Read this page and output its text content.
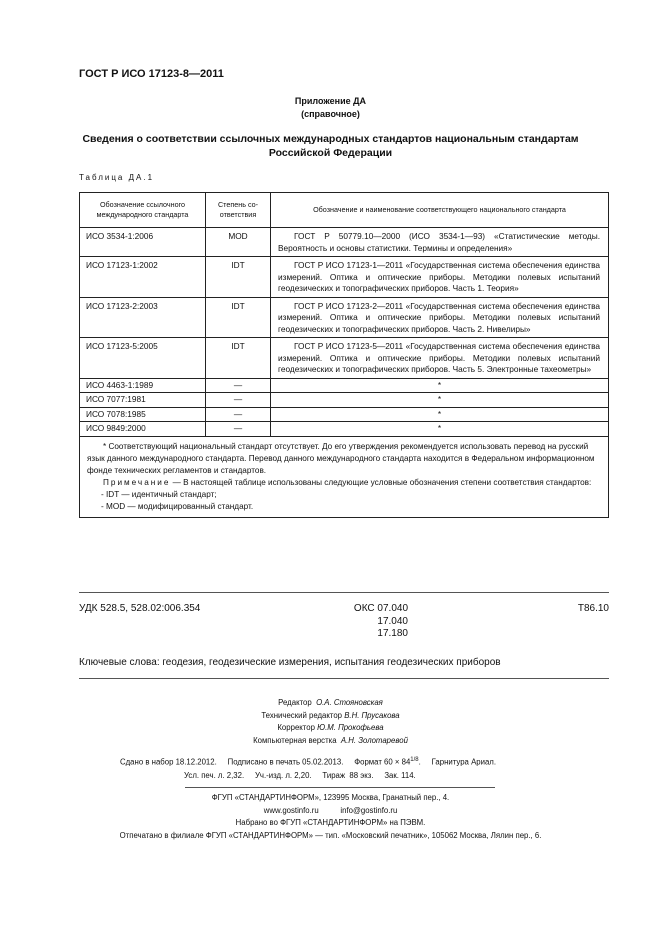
ГОСТ Р ИСО 17123-8—2011
Приложение ДА
(справочное)
Сведения о соответствии ссылочных международных стандартов национальным стандартам
Российской Федерации
Таблица ДА.1
Обозначение ссылочного международного стандарта	Степень со-ответствия	Обозначение и наименование соответствующего национального стандарта
ИСО 3534-1:2006	MOD	ГОСТ Р 50779.10—2000 (ИСО 3534-1—93) «Статистические методы. Вероятность и основы статистики. Термины и определения»
ИСО 17123-1:2002	IDT	ГОСТ Р ИСО 17123-1—2011 «Государственная система обеспечения единства измерений. Оптика и оптические приборы. Методики полевых испытаний геодезических и топографических приборов. Часть 1. Теория»
ИСО 17123-2:2003	IDT	ГОСТ Р ИСО 17123-2—2011 «Государственная система обеспечения единства измерений. Оптика и оптические приборы. Методики полевых испытаний геодезических и топографических приборов. Часть 2. Нивелиры»
ИСО 17123-5:2005	IDT	ГОСТ Р ИСО 17123-5—2011 «Государственная система обеспечения единства измерений. Оптика и оптические приборы. Методики полевых испытаний геодезических и топографических приборов. Часть 5. Электронные тахеометры»
ИСО 4463-1:1989	—	*
ИСО 7077:1981	—	*
ИСО 7078:1985	—	*
ИСО 9849:2000	—	*

* Соответствующий национальный стандарт отсутствует. До его утверждения рекомендуется использовать перевод на русский язык данного международного стандарта. Перевод данного международного стандарта находится в Федеральном информационном фонде технических регламентов и стандартов.
Примечание — В настоящей таблице использованы следующие условные обозначения степени соответствия стандартов:
- IDT — идентичный стандарт;
- MOD — модифицированный стандарт.		
УДК 528.5, 528.02:006.354	ОКС 07.040
17.040
17.180
Т86.10
Ключевые слова: геодезия, геодезические измерения, испытания геодезических приборов
Редактор О.А. Стояновская
Технический редактор В.Н. Прусакова
Корректор Ю.М. Прокофьева
Компьютерная верстка А.Н. Золотаревой
Сдано в набор 18.12.2012.     Подписано в печать 05.02.2013.     Формат $60 \times 84^{1/8}$.     Гарнитура Ариал.
Усл. печ. л. 2,32.     Уч.-изд. л. 2,20.     Тираж  88 экз.     Зак. 114.
ФГУП «СТАНДАРТИНФОРМ», 123995 Москва, Гранатный пер., 4.
www.gostinfo.ru          info@gostinfo.ru
Набрано во ФГУП «СТАНДАРТИНФОРМ» на ПЭВМ.
Отпечатано в филиале ФГУП «СТАНДАРТИНФОРМ» — тип. «Московский печатник», 105062 Москва, Лялин пер., 6.
